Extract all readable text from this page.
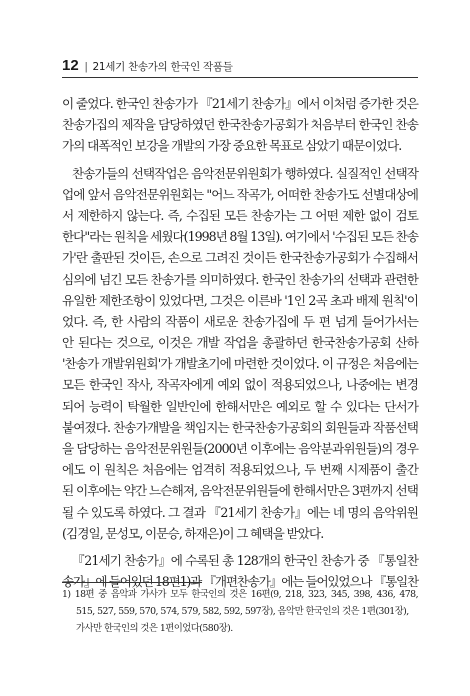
12 | 21세기 찬송가의 한국인 작품들
이 줄었다. 한국인 찬송가가 『21세기 찬송가』에서 이처럼 증가한 것은
찬송가집의 제작을 담당하였던 한국찬송가공회가 처음부터 한국인 찬송
가의 대폭적인 보강을 개발의 가장 중요한 목표로 삼았기 때문이었다.
찬송가들의 선택작업은 음악전문위원회가 행하였다. 실질적인 선택작
업에 앞서 음악전문위원회는 "어느 작곡가, 어떠한 찬송가도 선별대상에
서 제한하지 않는다. 즉, 수집된 모든 찬송가는 그 어떤 제한 없이 검토
한다"라는 원칙을 세웠다(1998년 8월 13일). 여기에서 '수집된 모든 찬송
가'란 출판된 것이든, 손으로 그려진 것이든 한국찬송가공회가 수집해서
심의에 넘긴 모든 찬송가를 의미하였다. 한국인 찬송가의 선택과 관련한
유일한 제한조항이 있었다면, 그것은 이른바 '1인 2곡 초과 배제 원칙'이
었다. 즉, 한 사람의 작품이 새로운 찬송가집에 두 편 넘게 들어가서는
안 된다는 것으로, 이것은 개발 작업을 총괄하던 한국찬송가공회 산하
'찬송가 개발위원회'가 개발초기에 마련한 것이었다. 이 규정은 처음에는
모든 한국인 작사, 작곡자에게 예외 없이 적용되었으나, 나중에는 변경
되어 능력이 탁월한 일반인에 한해서만은 예외로 할 수 있다는 단서가
붙여졌다. 찬송가개발을 책임지는 한국찬송가공회의 회원들과 작품선택
을 담당하는 음악전문위원들(2000년 이후에는 음악분과위원들)의 경우
에도 이 원칙은 처음에는 엄격히 적용되었으나, 두 번째 시제품이 출간
된 이후에는 약간 느슨해져, 음악전문위원들에 한해서만은 3편까지 선택
될 수 있도록 하였다. 그 결과 『21세기 찬송가』에는 네 명의 음악위원
(김경일, 문성모, 이문승, 하재은)이 그 혜택을 받았다.
『21세기 찬송가』에 수록된 총 128개의 한국인 찬송가 중 『통일찬
송가』에 들어있던 18편1)과 『개편찬송가』에는 들어있었으나 『통일찬
1) 18편 중 음악과 가사가 모두 한국인의 것은 16편(9, 218, 323, 345, 398, 436, 478,
515, 527, 559, 570, 574, 579, 582, 592, 597장), 음악만 한국인의 것은 1편(301장),
가사만 한국인의 것은 1편이었다(580장).
